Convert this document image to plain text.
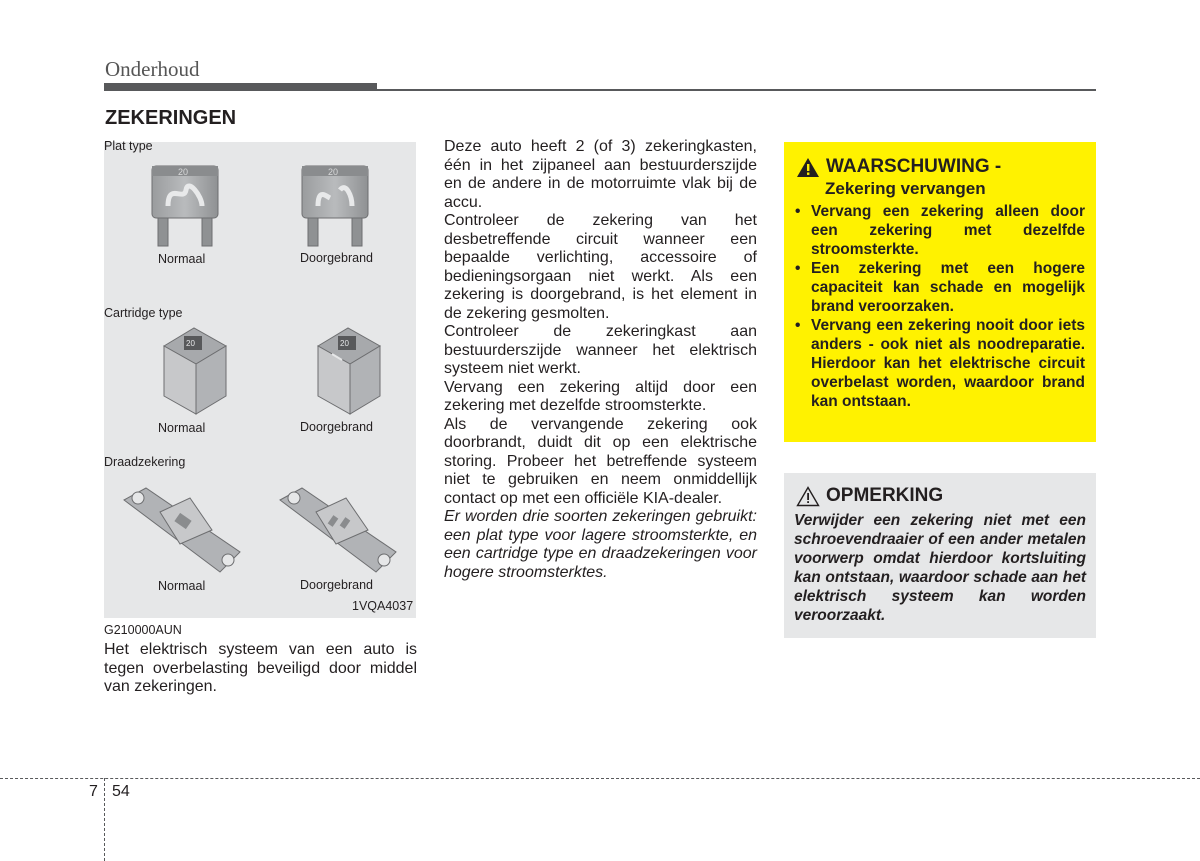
Onderhoud
ZEKERINGEN
Plat type
20	20
Normaal	Doorgebrand
Cartridge type
20	20
Normaal	Doorgebrand
Draadzekering
Normaal	Doorgebrand
1VQA4037
G210000AUN
Het elektrisch systeem van een auto is tegen overbelasting beveiligd door middel van zekeringen.

Deze auto heeft 2 (of 3) zekeringkasten, één in het zijpaneel aan bestuurderszijde en de andere in de motorruimte vlak bij de accu.

Controleer de zekering van het desbetreffende circuit wanneer een bepaalde verlichting, accessoire of bedieningsorgaan niet werkt. Als een zekering is doorgebrand, is het element in de zekering gesmolten.

Controleer de zekeringkast aan bestuurderszijde wanneer het elektrisch systeem niet werkt.

Vervang een zekering altijd door een zekering met dezelfde stroomsterkte.

Als de vervangende zekering ook doorbrandt, duidt dit op een elektrische storing. Probeer het betreffende systeem niet te gebruiken en neem onmiddellijk contact op met een officiële KIA-dealer.

Er worden drie soorten zekeringen gebruikt: een plat type voor lagere stroomsterkte, en een cartridge type en draadzekeringen voor hogere stroomsterktes.

WAARSCHUWING -
Zekering vervangen
• Vervang een zekering alleen door een zekering met dezelfde stroomsterkte.
• Een zekering met een hogere capaciteit kan schade en mogelijk brand veroorzaken.
• Vervang een zekering nooit door iets anders - ook niet als noodreparatie. Hierdoor kan het elektrische circuit overbelast worden, waardoor brand kan ontstaan.
OPMERKING
Verwijder een zekering niet met een schroevendraaier of een ander metalen voorwerp omdat hierdoor kortsluiting kan ontstaan, waardoor schade aan het elektrisch systeem kan worden veroorzaakt.
7 54
